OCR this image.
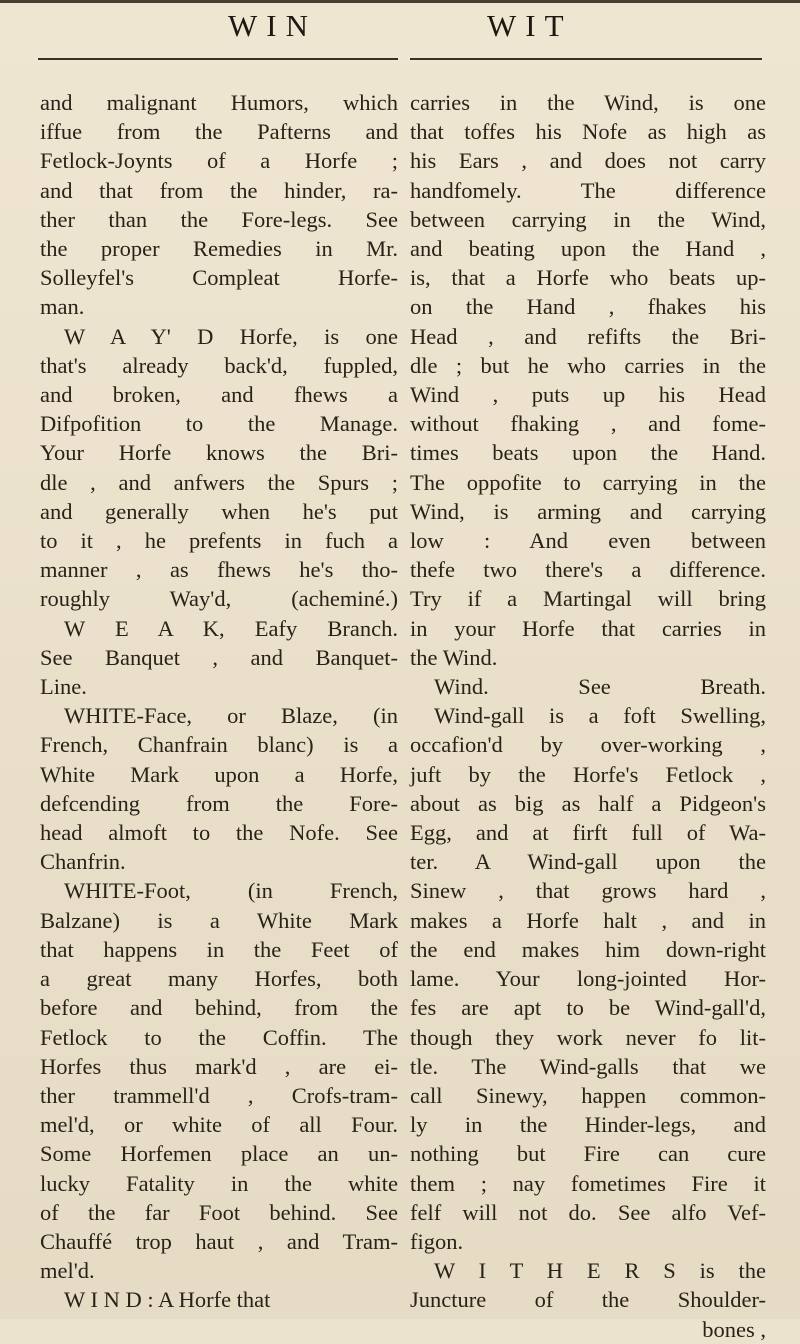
WIN	WIT

and malignant Humors, which

iffue from the Pafterns and

Fetlock-Joynts of a Horfe ;

and that from the hinder, ra-

ther than the Fore-legs. See

the proper Remedies in Mr.

Solleyfel's Compleat Horfe-

man.

W A Y' D Horfe, is one

that's already back'd, fuppled,

and broken, and fhews a

Difpofition to the Manage.

Your Horfe knows the Bri-

dle , and anfwers the Spurs ;

and generally when he's put

to it , he prefents in fuch a

manner , as fhews he's tho-

roughly Way'd, (acheminé.)

W E A K, Eafy Branch.

See Banquet , and Banquet-

Line.

WHITE-Face, or Blaze, (in

French, Chanfrain blanc) is a

White Mark upon a Horfe,

defcending from the Fore-

head almoft to the Nofe. See

Chanfrin.

WHITE-Foot, (in French,

Balzane) is a White Mark

that happens in the Feet of

a great many Horfes, both

before and behind, from the

Fetlock to the Coffin. The

Horfes thus mark'd , are ei-

ther trammell'd , Crofs-tram-

mel'd, or white of all Four.

Some Horfemen place an un-

lucky Fatality in the white

of the far Foot behind. See

Chauffé trop haut , and Tram-

mel'd.

W I N D : A Horfe that

carries in the Wind, is one

that toffes his Nofe as high as

his Ears , and does not carry

handfomely. The difference

between carrying in the Wind,

and beating upon the Hand ,

is, that a Horfe who beats up-

on the Hand , fhakes his

Head , and refifts the Bri-

dle ; but he who carries in the

Wind , puts up his Head

without fhaking , and fome-

times beats upon the Hand.

The oppofite to carrying in the

Wind, is arming and carrying

low : And even between

thefe two there's a difference.

Try if a Martingal will bring

in your Horfe that carries in

the Wind.

Wind. See Breath.

Wind-gall is a foft Swelling,

occafion'd by over-working ,

juft by the Horfe's Fetlock ,

about as big as half a Pidgeon's

Egg, and at firft full of Wa-

ter. A Wind-gall upon the

Sinew , that grows hard ,

makes a Horfe halt , and in

the end makes him down-right

lame. Your long-jointed Hor-

fes are apt to be Wind-gall'd,

though they work never fo lit-

tle. The Wind-galls that we

call Sinewy, happen common-

ly in the Hinder-legs, and

nothing but Fire can cure

them ; nay fometimes Fire it

felf will not do. See alfo Vef-

figon.

W I T H E R S is the

Juncture of the Shoulder-

bones ,
